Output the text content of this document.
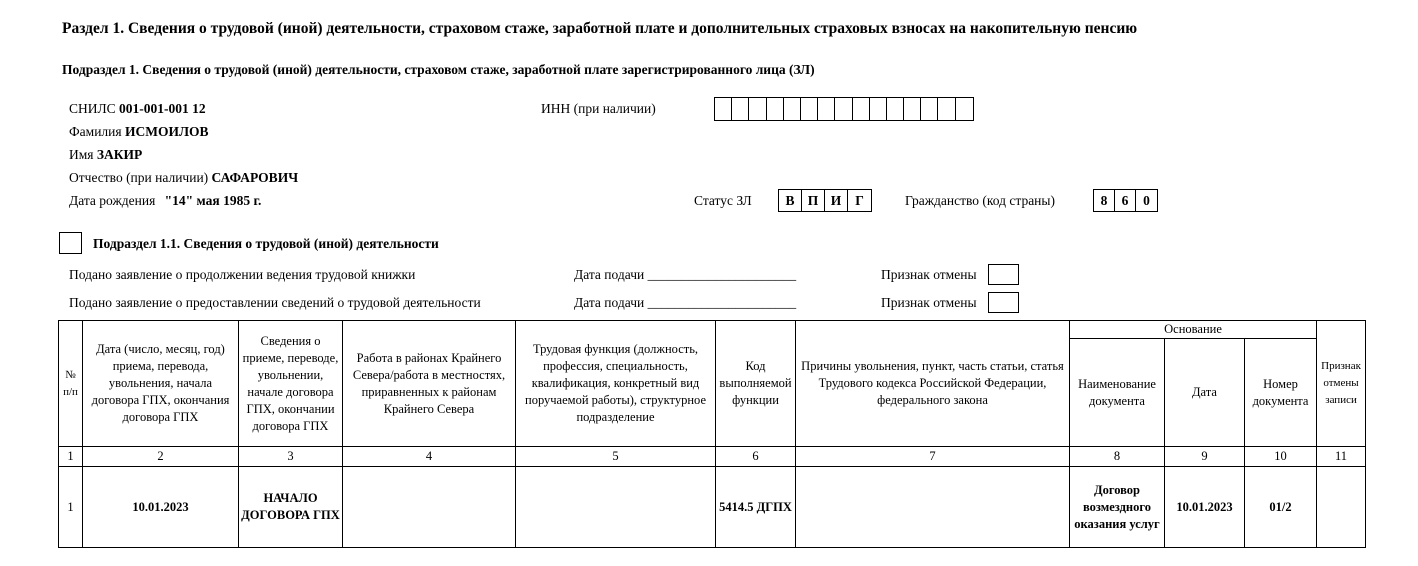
Раздел 1. Сведения о трудовой (иной) деятельности, страховом стаже, заработной плате и дополнительных страховых взносах на накопительную пенсию
Подраздел 1. Сведения о трудовой (иной) деятельности, страховом стаже, заработной плате зарегистрированного лица (ЗЛ)
СНИЛС 001-001-001 12
Фамилия ИСМОИЛОВ
Имя ЗАКИР
Отчество (при наличии) САФАРОВИЧ
Дата рождения "14" мая 1985 г.
ИНН (при наличии)
Статус ЗЛ	В П И	Г	Гражданство (код страны)	8	6	0
Подраздел 1.1. Сведения о трудовой (иной) деятельности
Подано заявление о продолжении ведения трудовой книжки	Дата подачи ______________________	Признак отмены
Подано заявление о предоставлении сведений о трудовой деятельности	Дата подачи ______________________	Признак отмены
№ п/п	Дата (число, месяц, год) приема, перевода, увольнения, начала договора ГПХ, окончания договора ГПХ	Сведения о приеме, переводе, увольнении, начале договора ГПХ, окончании договора ГПХ	Работа в районах Крайнего Севера/работа в местностях, приравненных к районам Крайнего Севера	Трудовая функция (должность, профессия, специальность, квалификация, конкретный вид поручаемой работы), структурное подразделение	Код выполняемой функции	Причины увольнения, пункт, часть статьи, статья Трудового кодекса Российской Федерации, федерального закона	Основание			Признак отмены записи
							Наименование документа	Дата	Номер документа	
1	2	3	4	5	6	7	8	9	10	11
1	10.01.2023	НАЧАЛО ДОГОВОРА ГПХ			5414.5 ДГПХ		Договор возмездного оказания услуг	10.01.2023	01/2	
